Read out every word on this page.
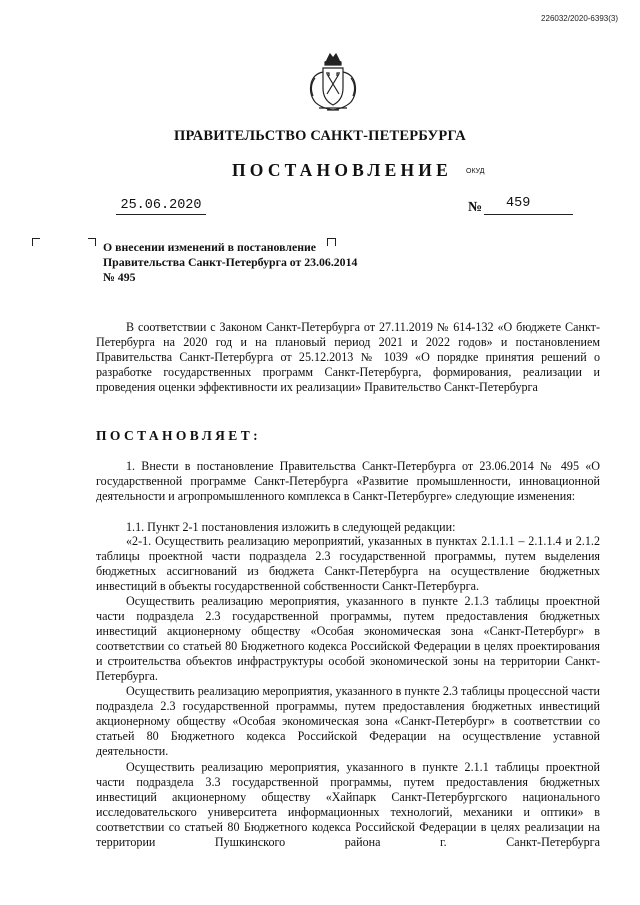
226032/2020-6393(3)
ПРАВИТЕЛЬСТВО САНКТ-ПЕТЕРБУРГА
ПОСТАНОВЛЕНИЕ ОКУД
25.06.2020	№ 459
О внесении изменений в постановление Правительства Санкт-Петербурга от 23.06.2014 № 495
В соответствии с Законом Санкт-Петербурга от 27.11.2019 № 614-132 «О бюджете Санкт-Петербурга на 2020 год и на плановый период 2021 и 2022 годов» и постановлением Правительства Санкт-Петербурга от 25.12.2013 № 1039 «О порядке принятия решений о разработке государственных программ Санкт-Петербурга, формирования, реализации и проведения оценки эффективности их реализации» Правительство Санкт-Петербурга
ПОСТАНОВЛЯЕТ:
1. Внести в постановление Правительства Санкт-Петербурга от 23.06.2014 № 495 «О государственной программе Санкт-Петербурга «Развитие промышленности, инновационной деятельности и агропромышленного комплекса в Санкт-Петербурге» следующие изменения:
1.1. Пункт 2-1 постановления изложить в следующей редакции:
«2-1. Осуществить реализацию мероприятий, указанных в пунктах 2.1.1.1 – 2.1.1.4 и 2.1.2 таблицы проектной части подраздела 2.3 государственной программы, путем выделения бюджетных ассигнований из бюджета Санкт-Петербурга на осуществление бюджетных инвестиций в объекты государственной собственности Санкт-Петербурга.
Осуществить реализацию мероприятия, указанного в пункте 2.1.3 таблицы проектной части подраздела 2.3 государственной программы, путем предоставления бюджетных инвестиций акционерному обществу «Особая экономическая зона «Санкт-Петербург» в соответствии со статьей 80 Бюджетного кодекса Российской Федерации в целях проектирования и строительства объектов инфраструктуры особой экономической зоны на территории Санкт-Петербурга.
Осуществить реализацию мероприятия, указанного в пункте 2.3 таблицы процессной части подраздела 2.3 государственной программы, путем предоставления бюджетных инвестиций акционерному обществу «Особая экономическая зона «Санкт-Петербург» в соответствии со статьей 80 Бюджетного кодекса Российской Федерации на осуществление уставной деятельности.
Осуществить реализацию мероприятия, указанного в пункте 2.1.1 таблицы проектной части подраздела 3.3 государственной программы, путем предоставления бюджетных инвестиций акционерному обществу «Хайпарк Санкт-Петербургского национального исследовательского университета информационных технологий, механики и оптики» в соответствии со статьей 80 Бюджетного кодекса Российской Федерации в целях реализации на территории Пушкинского района г. Санкт-Петербурга
